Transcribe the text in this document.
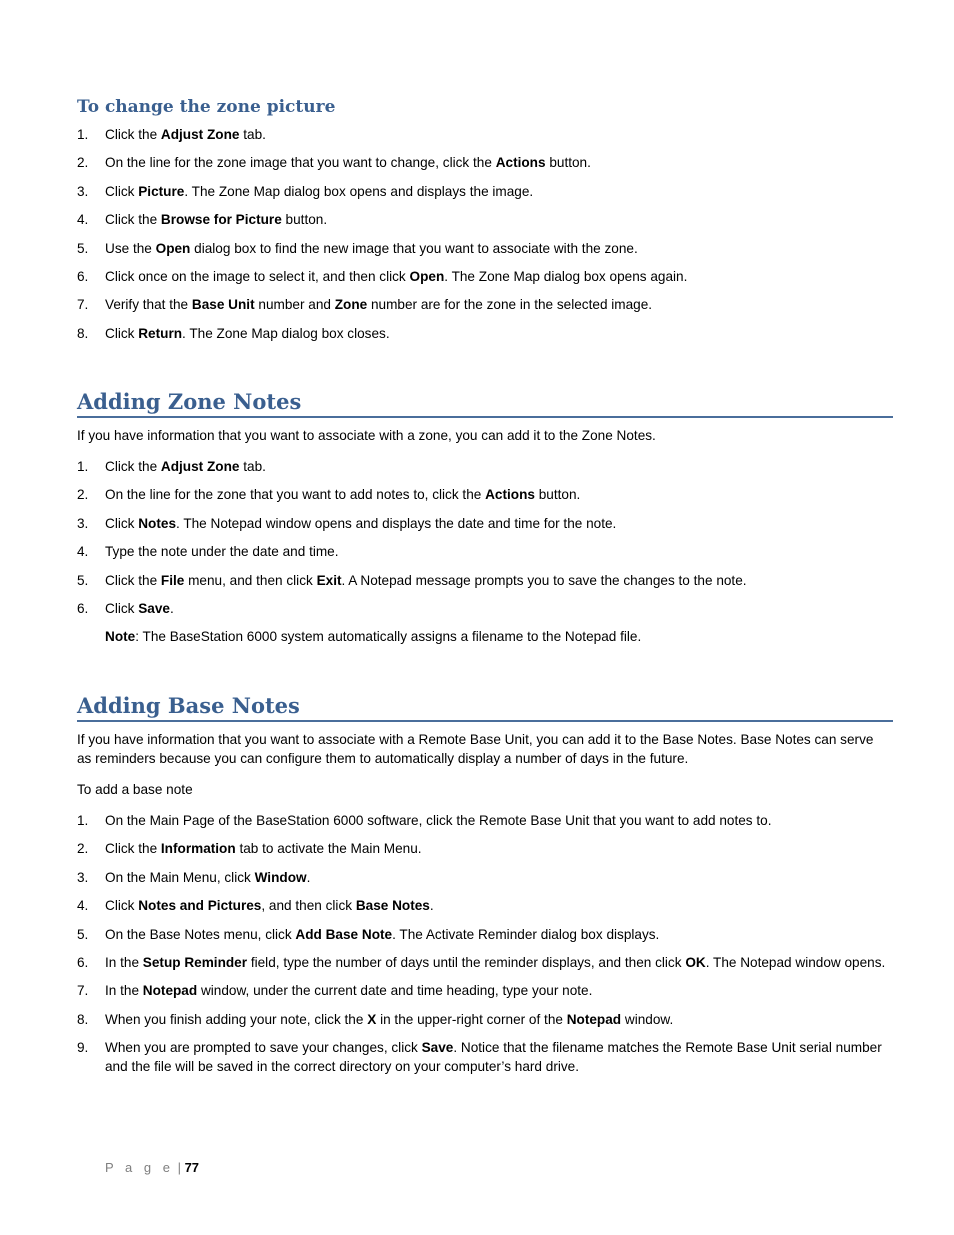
To change the zone picture
1. Click the Adjust Zone tab.
2. On the line for the zone image that you want to change, click the Actions button.
3. Click Picture. The Zone Map dialog box opens and displays the image.
4. Click the Browse for Picture button.
5. Use the Open dialog box to find the new image that you want to associate with the zone.
6. Click once on the image to select it, and then click Open. The Zone Map dialog box opens again.
7. Verify that the Base Unit number and Zone number are for the zone in the selected image.
8. Click Return. The Zone Map dialog box closes.
Adding Zone Notes

If you have information that you want to associate with a zone, you can add it to the Zone Notes.

1. Click the Adjust Zone tab.
2. On the line for the zone that you want to add notes to, click the Actions button.
3. Click Notes. The Notepad window opens and displays the date and time for the note.
4. Type the note under the date and time.
5. Click the File menu, and then click Exit. A Notepad message prompts you to save the changes to the note.
6. Click Save.

Note: The BaseStation 6000 system automatically assigns a filename to the Notepad file.

Adding Base Notes

If you have information that you want to associate with a Remote Base Unit, you can add it to the Base Notes. Base Notes can serve as reminders because you can configure them to automatically display a number of days in the future.

To add a base note

1. On the Main Page of the BaseStation 6000 software, click the Remote Base Unit that you want to add notes to.
2. Click the Information tab to activate the Main Menu.
3. On the Main Menu, click Window.
4. Click Notes and Pictures, and then click Base Notes.
5. On the Base Notes menu, click Add Base Note. The Activate Reminder dialog box displays.
6. In the Setup Reminder field, type the number of days until the reminder displays, and then click OK. The Notepad window opens.
7. In the Notepad window, under the current date and time heading, type your note.
8. When you finish adding your note, click the X in the upper-right corner of the Notepad window.
9. When you are prompted to save your changes, click Save. Notice that the filename matches the Remote Base Unit serial number and the file will be saved in the correct directory on your computer’s hard drive.
P a g e | 77
